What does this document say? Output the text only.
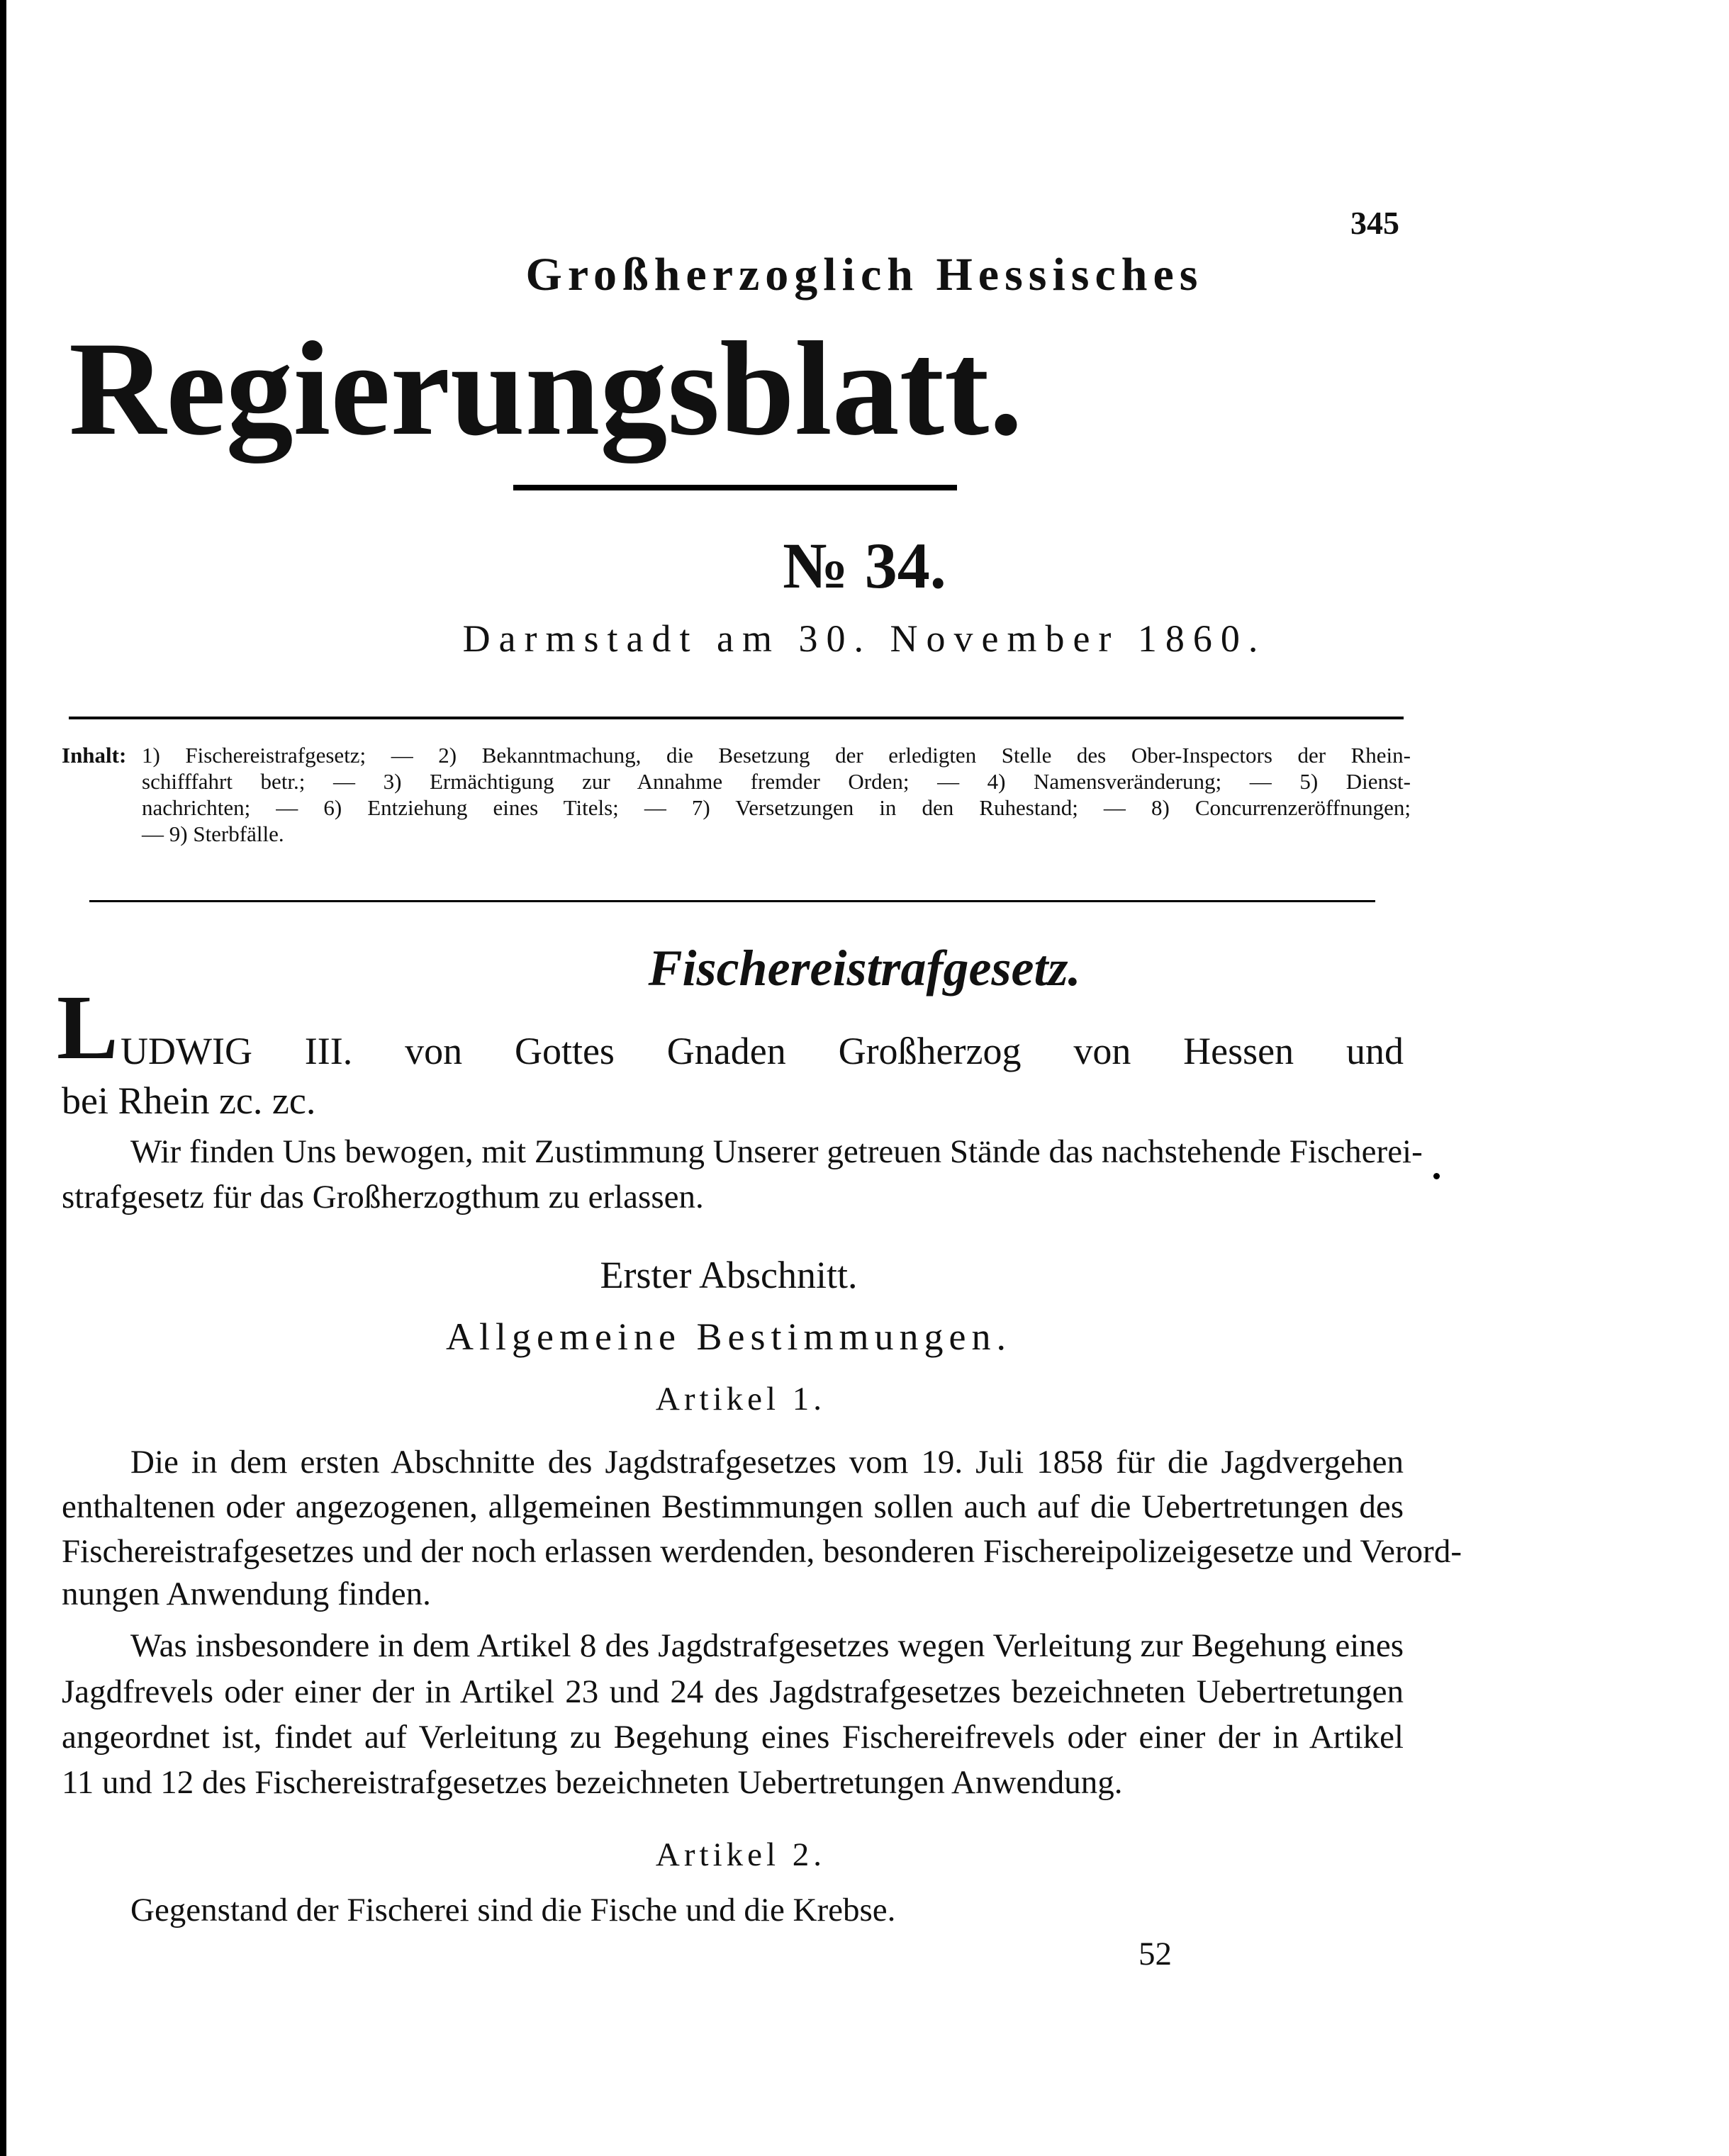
345
Großherzoglich Hessisches
Regierungsblatt.
№ 34.
Darmstadt am 30. November 1860.
Inhalt: 1) Fischereistrafgesetz; — 2) Bekanntmachung, die Besetzung der erledigten Stelle des Ober-Inspectors der Rhein-
schifffahrt betr.; — 3) Ermächtigung zur Annahme fremder Orden; — 4) Namensveränderung; — 5) Dienst-
nachrichten; — 6) Entziehung eines Titels; — 7) Versetzungen in den Ruhestand; — 8) Concurrenzeröffnungen;
— 9) Sterbfälle.
Fischereistrafgesetz.
L UDWIG III. von Gottes Gnaden Großherzog von Hessen und
bei Rhein zc. zc.
Wir finden Uns bewogen, mit Zustimmung Unserer getreuen Stände das nachstehende Fischerei-
strafgesetz für das Großherzogthum zu erlassen.
Erster Abschnitt.
Allgemeine Bestimmungen.
Artikel 1.
Die in dem ersten Abschnitte des Jagdstrafgesetzes vom 19. Juli 1858 für die Jagdvergehen
enthaltenen oder angezogenen, allgemeinen Bestimmungen sollen auch auf die Uebertretungen des
Fischereistrafgesetzes und der noch erlassen werdenden, besonderen Fischereipolizeigesetze und Verord-
nungen Anwendung finden.
Was insbesondere in dem Artikel 8 des Jagdstrafgesetzes wegen Verleitung zur Begehung eines
Jagdfrevels oder einer der in Artikel 23 und 24 des Jagdstrafgesetzes bezeichneten Uebertretungen
angeordnet ist, findet auf Verleitung zu Begehung eines Fischereifrevels oder einer der in Artikel
11 und 12 des Fischereistrafgesetzes bezeichneten Uebertretungen Anwendung.
Artikel 2.
Gegenstand der Fischerei sind die Fische und die Krebse.
52
